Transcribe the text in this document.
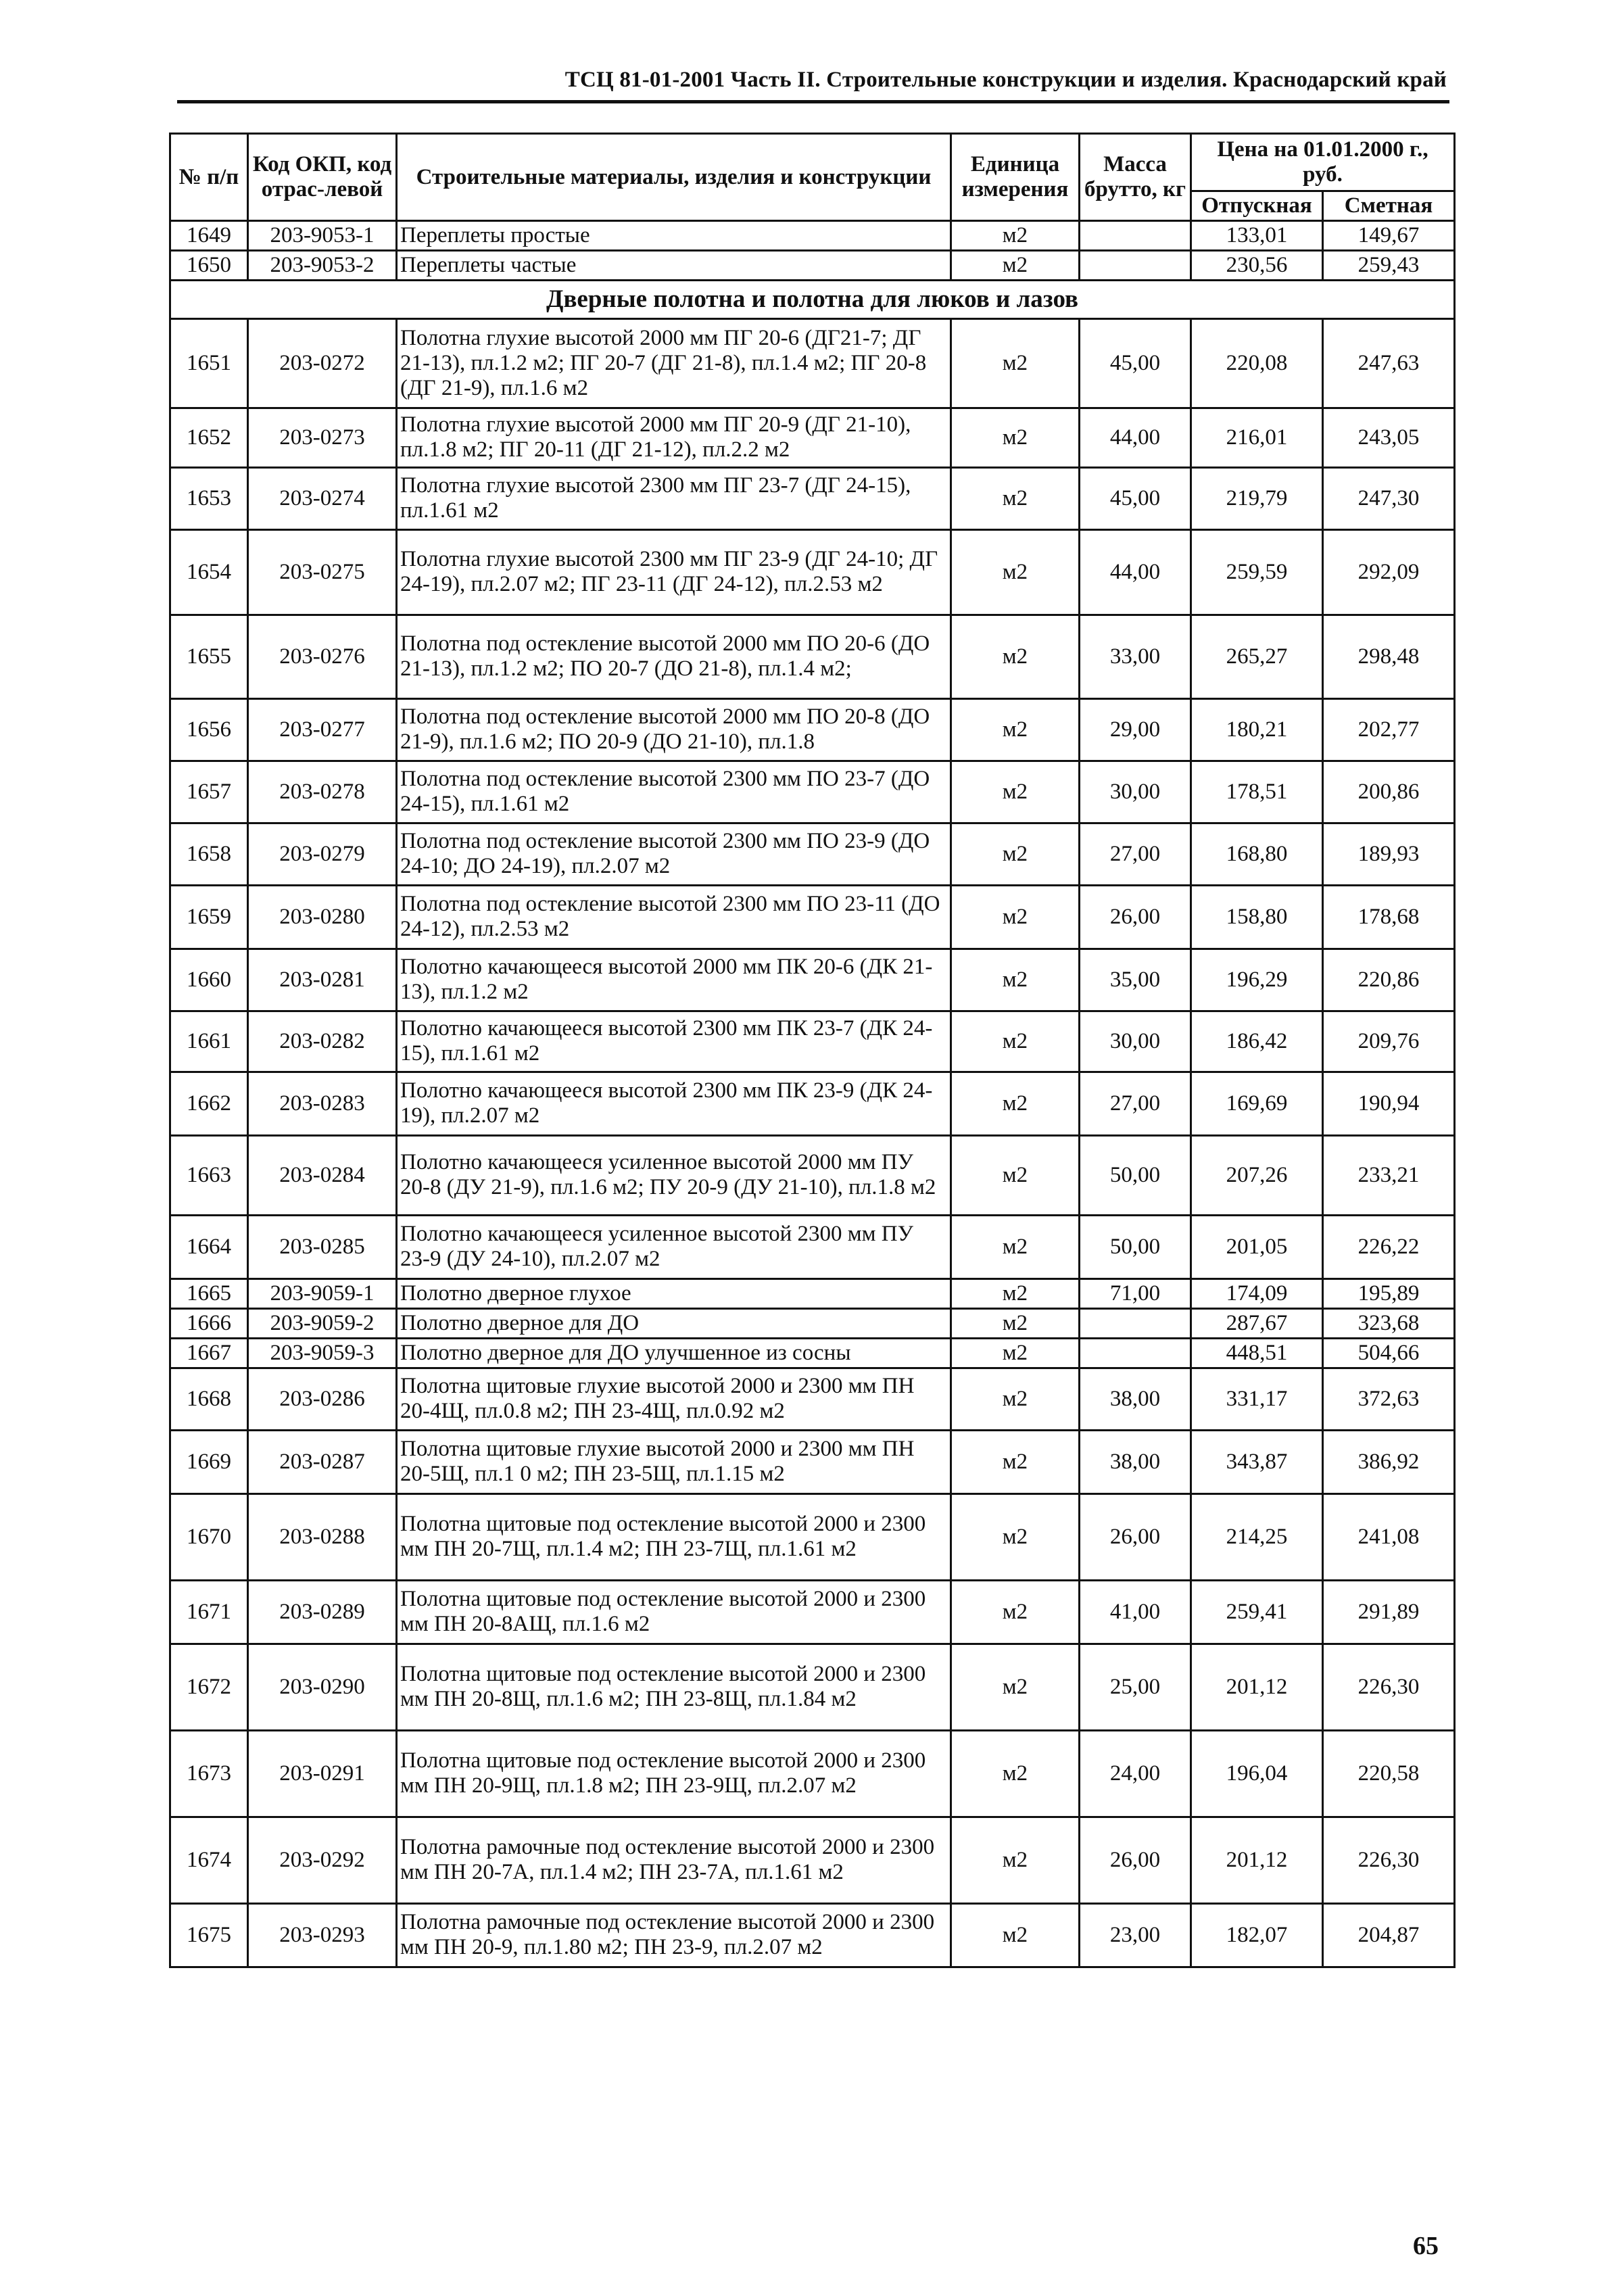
ТСЦ 81-01-2001 Часть II. Строительные конструкции и изделия. Краснодарский край
№ п/п	Код ОКП, код отрас-левой	Строительные материалы, изделия и конструкции	Единица измерения	Масса брутто, кг	Цена на 01.01.2000 г., руб.	
					Отпускная	Сметная
1649	203-9053-1	Переплеты простые	м2		133,01	149,67
1650	203-9053-2	Переплеты частые	м2		230,56	259,43
Дверные полотна и полотна для люков и лазов						
1651	203-0272	Полотна глухие высотой 2000 мм ПГ 20-6 (ДГ21-7; ДГ 21-13), пл.1.2 м2; ПГ 20-7 (ДГ 21-8), пл.1.4 м2; ПГ 20-8 (ДГ 21-9), пл.1.6 м2	м2	45,00	220,08	247,63
1652	203-0273	Полотна глухие высотой 2000 мм ПГ 20-9 (ДГ 21-10), пл.1.8 м2; ПГ 20-11 (ДГ 21-12), пл.2.2 м2	м2	44,00	216,01	243,05
1653	203-0274	Полотна глухие высотой 2300 мм ПГ 23-7 (ДГ 24-15), пл.1.61 м2	м2	45,00	219,79	247,30
1654	203-0275	Полотна глухие высотой 2300 мм ПГ 23-9 (ДГ 24-10; ДГ 24-19), пл.2.07 м2; ПГ 23-11 (ДГ 24-12), пл.2.53 м2	м2	44,00	259,59	292,09
1655	203-0276	Полотна под остекление высотой 2000 мм ПО 20-6 (ДО 21-13), пл.1.2 м2; ПО 20-7 (ДО 21-8), пл.1.4 м2;	м2	33,00	265,27	298,48
1656	203-0277	Полотна под остекление высотой 2000 мм ПО 20-8 (ДО 21-9), пл.1.6 м2; ПО 20-9 (ДО 21-10), пл.1.8	м2	29,00	180,21	202,77
1657	203-0278	Полотна под остекление высотой 2300 мм ПО 23-7 (ДО 24-15), пл.1.61 м2	м2	30,00	178,51	200,86
1658	203-0279	Полотна под остекление высотой 2300 мм ПО 23-9 (ДО 24-10; ДО 24-19), пл.2.07 м2	м2	27,00	168,80	189,93
1659	203-0280	Полотна под остекление высотой 2300 мм ПО 23-11 (ДО 24-12), пл.2.53 м2	м2	26,00	158,80	178,68
1660	203-0281	Полотно качающееся высотой 2000 мм ПК 20-6 (ДК 21-13), пл.1.2 м2	м2	35,00	196,29	220,86
1661	203-0282	Полотно качающееся высотой 2300 мм ПК 23-7 (ДК 24-15), пл.1.61 м2	м2	30,00	186,42	209,76
1662	203-0283	Полотно качающееся высотой 2300 мм ПК 23-9 (ДК 24-19), пл.2.07 м2	м2	27,00	169,69	190,94
1663	203-0284	Полотно качающееся усиленное высотой 2000 мм ПУ 20-8 (ДУ 21-9), пл.1.6 м2; ПУ 20-9 (ДУ 21-10), пл.1.8 м2	м2	50,00	207,26	233,21
1664	203-0285	Полотно качающееся усиленное высотой 2300 мм ПУ 23-9 (ДУ 24-10), пл.2.07 м2	м2	50,00	201,05	226,22
1665	203-9059-1	Полотно дверное глухое	м2	71,00	174,09	195,89
1666	203-9059-2	Полотно дверное для ДО	м2		287,67	323,68
1667	203-9059-3	Полотно дверное для ДО улучшенное из сосны	м2		448,51	504,66
1668	203-0286	Полотна щитовые глухие высотой 2000 и 2300 мм ПН 20-4Щ, пл.0.8 м2; ПН 23-4Щ, пл.0.92 м2	м2	38,00	331,17	372,63
1669	203-0287	Полотна щитовые глухие высотой 2000 и 2300 мм ПН 20-5Щ, пл.1 0 м2; ПН 23-5Щ, пл.1.15 м2	м2	38,00	343,87	386,92
1670	203-0288	Полотна щитовые под остекление высотой 2000 и 2300 мм ПН 20-7Щ, пл.1.4 м2; ПН 23-7Щ, пл.1.61 м2	м2	26,00	214,25	241,08
1671	203-0289	Полотна щитовые под остекление высотой 2000 и 2300 мм ПН 20-8АЩ, пл.1.6 м2	м2	41,00	259,41	291,89
1672	203-0290	Полотна щитовые под остекление высотой 2000 и 2300 мм ПН 20-8Щ, пл.1.6 м2; ПН 23-8Щ, пл.1.84 м2	м2	25,00	201,12	226,30
1673	203-0291	Полотна щитовые под остекление высотой 2000 и 2300 мм ПН 20-9Щ, пл.1.8 м2; ПН 23-9Щ, пл.2.07 м2	м2	24,00	196,04	220,58
1674	203-0292	Полотна рамочные под остекление высотой 2000 и 2300 мм ПН 20-7А, пл.1.4 м2; ПН 23-7А, пл.1.61 м2	м2	26,00	201,12	226,30
1675	203-0293	Полотна рамочные под остекление высотой 2000 и 2300 мм ПН 20-9, пл.1.80 м2; ПН 23-9, пл.2.07 м2	м2	23,00	182,07	204,87
65
